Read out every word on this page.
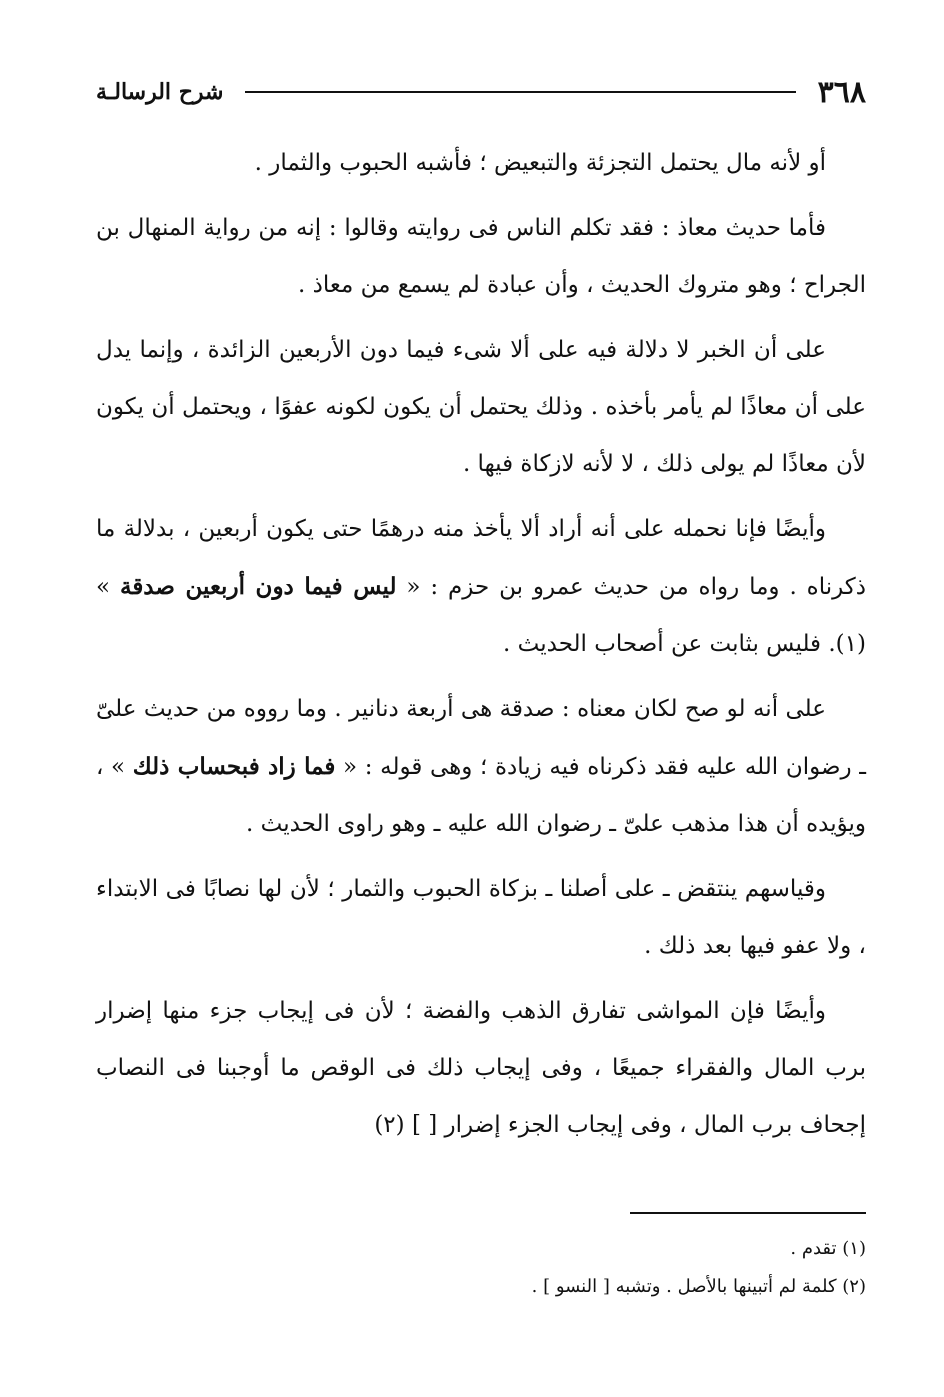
٣٦٨
شرح الرسالـة

أو لأنه مال يحتمل التجزئة والتبعيض ؛ فأشبه الحبوب والثمار .

فأما حديث معاذ : فقد تكلم الناس فى روايته وقالوا : إنه من رواية المنهال بن الجراح ؛ وهو متروك الحديث ، وأن عبادة لم يسمع من معاذ .

على أن الخبر لا دلالة فيه على ألا شىء فيما دون الأربعين الزائدة ، وإنما يدل على أن معاذًا لم يأمر بأخذه . وذلك يحتمل أن يكون لكونه عفوًا ، ويحتمل أن يكون لأن معاذًا لم يولى ذلك ، لا لأنه لازكاة فيها .

وأيضًا فإنا نحمله على أنه أراد ألا يأخذ منه درهمًا حتى يكون أربعين ، بدلالة ما ذكرناه . وما رواه من حديث عمرو بن حزم : « ليس فيما دون أربعين صدقة » (١). فليس بثابت عن أصحاب الحديث .

على أنه لو صح لكان معناه : صدقة هى أربعة دنانير . وما رووه من حديث علىّ ـ رضوان الله عليه فقد ذكرناه فيه زيادة ؛ وهى قوله : « فما زاد فبحساب ذلك » ، ويؤيده أن هذا مذهب علىّ ـ رضوان الله عليه ـ وهو راوى الحديث .

وقياسهم ينتقض ـ على أصلنا ـ بزكاة الحبوب والثمار ؛ لأن لها نصابًا فى الابتداء ، ولا عفو فيها بعد ذلك .

وأيضًا فإن المواشى تفارق الذهب والفضة ؛ لأن فى إيجاب جزء منها إضرار برب المال والفقراء جميعًا ، وفى إيجاب ذلك فى الوقص ما أوجبنا فى النصاب إجحاف برب المال ، وفى إيجاب الجزء إضرار [ ] (٢)

(١) تقدم .

(٢) كلمة لم أتبينها بالأصل . وتشبه [ النسو ] .
